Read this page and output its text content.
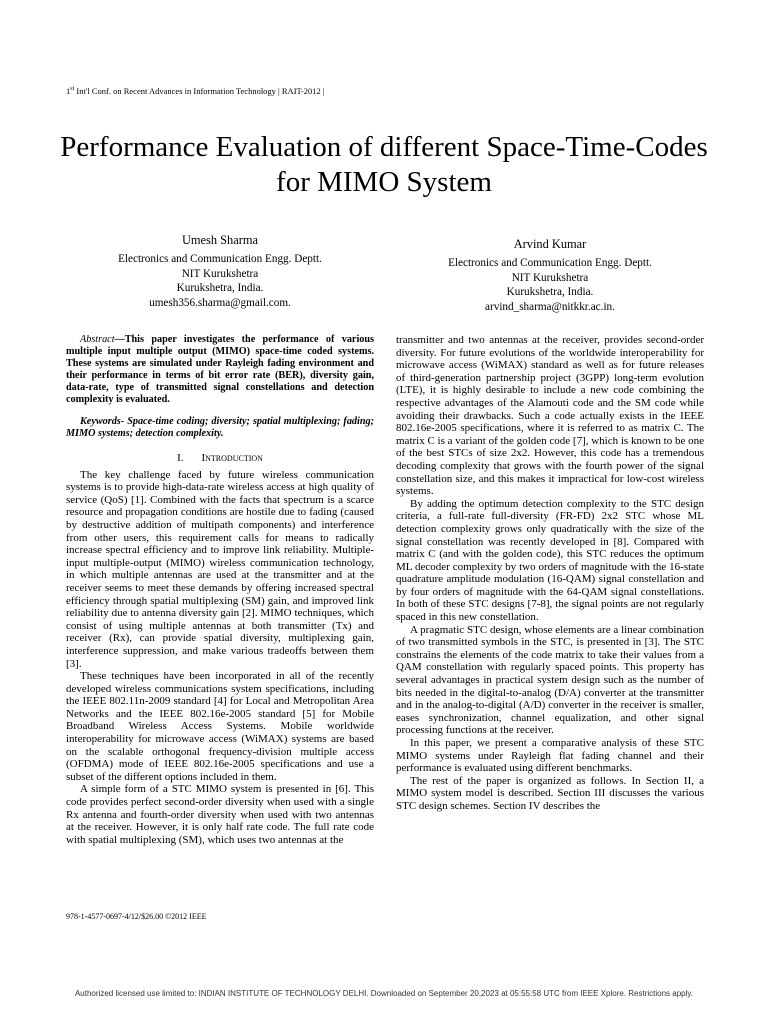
1st Int'l Conf. on Recent Advances in Information Technology | RAIT-2012 |
Performance Evaluation of different Space-Time-Codes for MIMO System
Umesh Sharma
Electronics and Communication Engg. Deptt.
NIT Kurukshetra
Kurukshetra, India.
umesh356.sharma@gmail.com.
Arvind Kumar
Electronics and Communication Engg. Deptt.
NIT Kurukshetra
Kurukshetra, India.
arvind_sharma@nitkkr.ac.in.

Abstract—This paper investigates the performance of various multiple input multiple output (MIMO) space-time coded systems. These systems are simulated under Rayleigh fading environment and their performance in terms of bit error rate (BER), diversity gain, data-rate, type of transmitted signal constellations and detection complexity is evaluated.

Keywords- Space-time coding; diversity; spatial multiplexing; fading; MIMO systems; detection complexity.

I. Introduction

The key challenge faced by future wireless communication systems is to provide high-data-rate wireless access at high quality of service (QoS) [1]. Combined with the facts that spectrum is a scarce resource and propagation conditions are hostile due to fading (caused by destructive addition of multipath components) and interference from other users, this requirement calls for means to radically increase spectral efficiency and to improve link reliability. Multiple-input multiple-output (MIMO) wireless communication technology, in which multiple antennas are used at the transmitter and at the receiver seems to meet these demands by offering increased spectral efficiency through spatial multiplexing (SM) gain, and improved link reliability due to antenna diversity gain [2]. MIMO techniques, which consist of using multiple antennas at both transmitter (Tx) and receiver (Rx), can provide spatial diversity, multiplexing gain, interference suppression, and make various tradeoffs between them [3].

These techniques have been incorporated in all of the recently developed wireless communications system specifications, including the IEEE 802.11n-2009 standard [4] for Local and Metropolitan Area Networks and the IEEE 802.16e-2005 standard [5] for Mobile Broadband Wireless Access Systems. Mobile worldwide interoperability for microwave access (WiMAX) systems are based on the scalable orthogonal frequency-division multiple access (OFDMA) mode of IEEE 802.16e-2005 specifications and use a subset of the different options included in them.

A simple form of a STC MIMO system is presented in [6]. This code provides perfect second-order diversity when used with a single Rx antenna and fourth-order diversity when used with two antennas at the receiver. However, it is only half rate code. The full rate code with spatial multiplexing (SM), which uses two antennas at the

transmitter and two antennas at the receiver, provides second-order diversity. For future evolutions of the worldwide interoperability for microwave access (WiMAX) standard as well as for future releases of third-generation partnership project (3GPP) long-term evolution (LTE), it is highly desirable to include a new code combining the respective advantages of the Alamouti code and the SM code while avoiding their drawbacks. Such a code actually exists in the IEEE 802.16e-2005 specifications, where it is referred to as matrix C. The matrix C is a variant of the golden code [7], which is known to be one of the best STCs of size 2x2. However, this code has a tremendous decoding complexity that grows with the fourth power of the signal constellation size, and this makes it impractical for low-cost wireless systems.

By adding the optimum detection complexity to the STC design criteria, a full-rate full-diversity (FR-FD) 2x2 STC whose ML detection complexity grows only quadratically with the size of the signal constellation was recently developed in [8]. Compared with matrix C (and with the golden code), this STC reduces the optimum ML decoder complexity by two orders of magnitude with the 16-state quadrature amplitude modulation (16-QAM) signal constellation and by four orders of magnitude with the 64-QAM signal constellations. In both of these STC designs [7-8], the signal points are not regularly spaced in this new constellation.

A pragmatic STC design, whose elements are a linear combination of two transmitted symbols in the STC, is presented in [3]. The STC constrains the elements of the code matrix to take their values from a QAM constellation with regularly spaced points. This property has several advantages in practical system design such as the number of bits needed in the digital-to-analog (D/A) converter at the transmitter and in the analog-to-digital (A/D) converter in the receiver is smaller, eases synchronization, channel equalization, and other signal processing functions at the receiver.

In this paper, we present a comparative analysis of these STC MIMO systems under Rayleigh flat fading channel and their performance is evaluated using different benchmarks.

The rest of the paper is organized as follows. In Section II, a MIMO system model is described. Section III discusses the various STC design schemes. Section IV describes the

978-1-4577-0697-4/12/$26.00 ©2012 IEEE
Authorized licensed use limited to: INDIAN INSTITUTE OF TECHNOLOGY DELHI. Downloaded on September 20,2023 at 05:55:58 UTC from IEEE Xplore. Restrictions apply.
